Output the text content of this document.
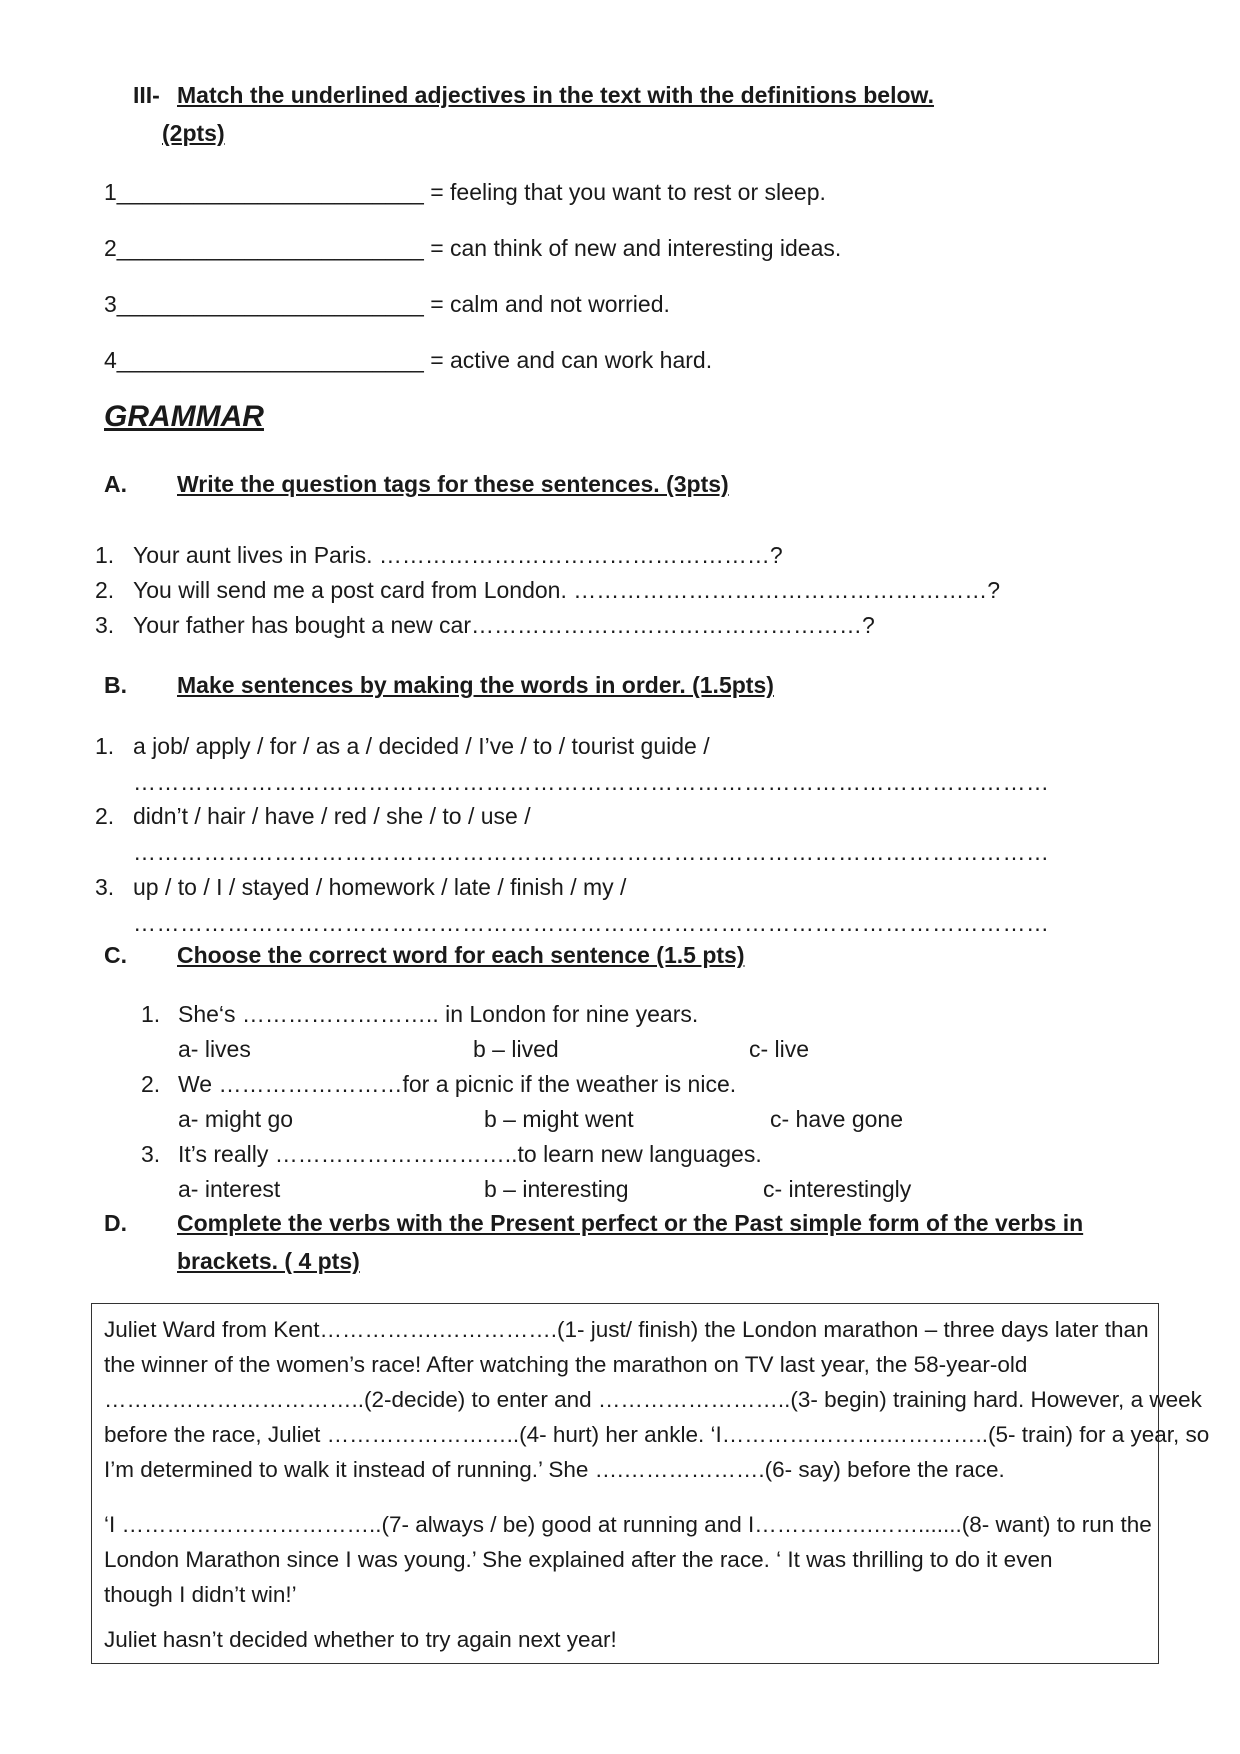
III- Match the underlined adjectives in the text with the definitions below.
(2pts)
1________________________ = feeling that you want to rest or sleep.
2________________________ = can think of new and interesting ideas.
3________________________ = calm and not worried.
4________________________ = active and can work hard.
GRAMMAR
A. Write the question tags for these sentences. (3pts)
1. Your aunt lives in Paris. ……………………………………………?
2. You will send me a post card from London. ………………………………………………?
3. Your father has bought a new car……………………………………………?
B. Make sentences by making the words in order. (1.5pts)
1. a job/ apply / for / as a / decided / I’ve / to / tourist guide /
………………………………………………………………………………………………………
2. didn’t / hair / have / red / she / to / use /
………………………………………………………………………………………………………
3. up / to / I / stayed / homework / late / finish / my /
………………………………………………………………………………………………………
C. Choose the correct word for each sentence (1.5 pts)
1. She‘s …………………….. in London for nine years.
a- lives	b – lived	c- live
2. We ……………………for a picnic if the weather is nice.
a- might go	b – might went	c- have gone
3. It’s really …………………………..to learn new languages.
a- interest	b – interesting	c- interestingly
D. Complete the verbs with the Present perfect or the Past simple form of the verbs in
brackets. ( 4 pts)

Juliet Ward from Kent…………….…………….(1- just/ finish) the London marathon – three days later than

the winner of the women’s race! After watching the marathon on TV last year, the 58-year-old

……………………………..(2-decide) to enter and ……………………..(3- begin) training hard. However, a week

before the race, Juliet ……………………..(4- hurt) her ankle. ‘I………………….…………..(5- train) for a year, so

I’m determined to walk it instead of running.’ She ….……………….(6- say) before the race.

‘I ……………………………..(7- always / be) good at running and I…………….…….......(8- want) to run the

London Marathon since I was young.’ She explained after the race. ‘ It was thrilling to do it even

though I didn’t win!’

Juliet hasn’t decided whether to try again next year!
